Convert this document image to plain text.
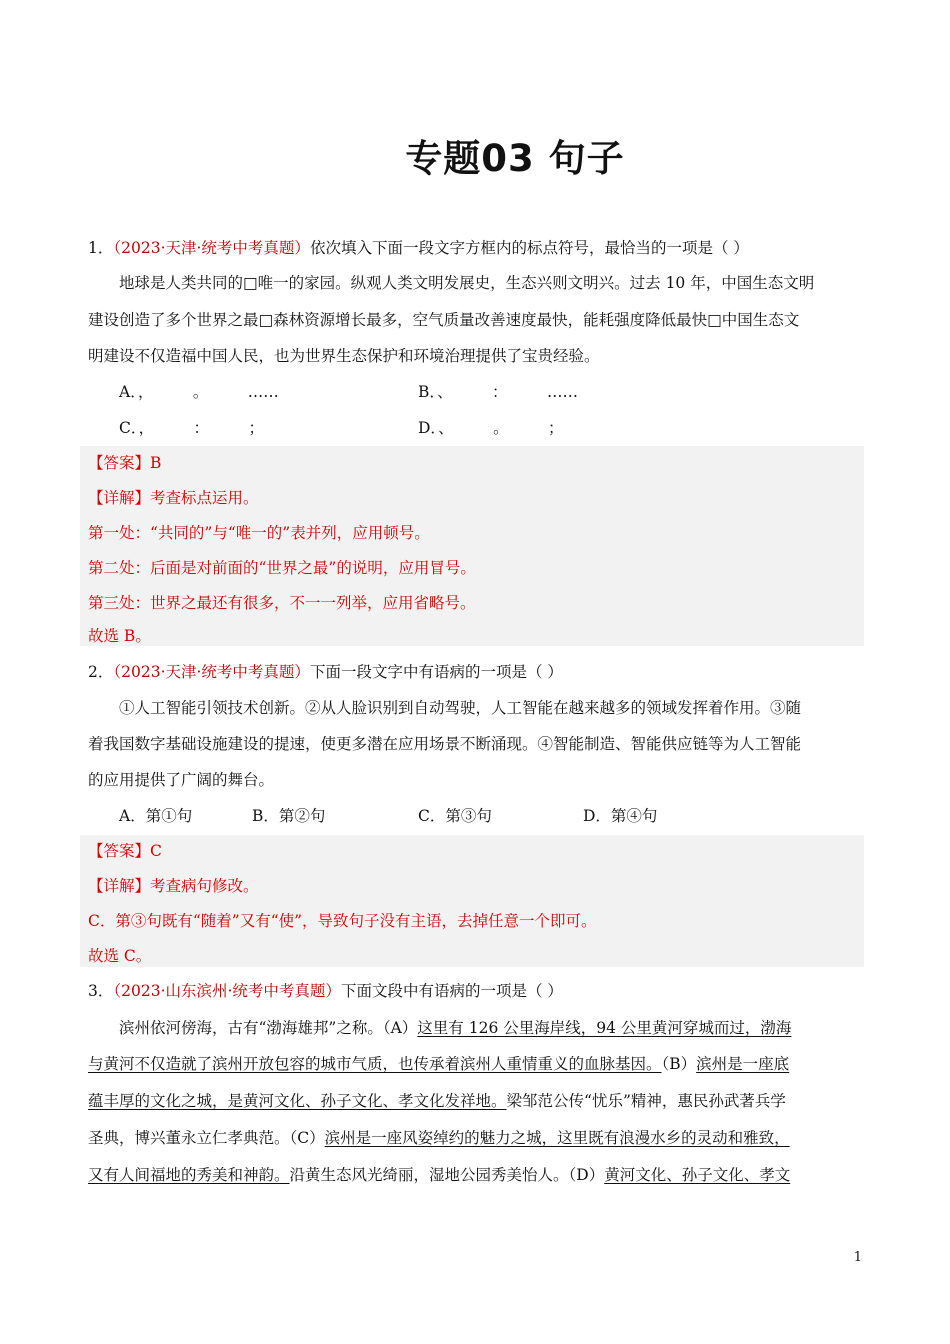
专题03 句子
1．（2023·天津·统考中考真题）依次填入下面一段文字方框内的标点符号，最恰当的一项是（ ）
地球是人类共同的□唯一的家园。纵观人类文明发展史，生态兴则文明兴。过去 10 年，中国生态文明
建设创造了多个世界之最□森林资源增长最多，空气质量改善速度最快，能耗强度降低最快□中国生态文
明建设不仅造福中国人民，也为世界生态保护和环境治理提供了宝贵经验。
A．，        。        ……	B．、        ：        ……
C．，        ：        ；	D．、        。        ；
【答案】B
【详解】考查标点运用。
第一处：“共同的”与“唯一的”表并列，应用顿号。
第二处：后面是对前面的“世界之最”的说明，应用冒号。
第三处：世界之最还有很多，不一一列举，应用省略号。
故选 B。
2．（2023·天津·统考中考真题）下面一段文字中有语病的一项是（ ）
①人工智能引领技术创新。②从人脸识别到自动驾驶，人工智能在越来越多的领域发挥着作用。③随
着我国数字基础设施建设的提速，使更多潜在应用场景不断涌现。④智能制造、智能供应链等为人工智能
的应用提供了广阔的舞台。
A．第①句	B．第②句	C．第③句	D．第④句
【答案】C
【详解】考查病句修改。
C．第③句既有“随着”又有“使”，导致句子没有主语，去掉任意一个即可。
故选 C。
3．（2023·山东滨州·统考中考真题）下面文段中有语病的一项是（ ）
滨州依河傍海，古有“渤海雄邦”之称。（A）这里有 126 公里海岸线，94 公里黄河穿城而过，渤海
与黄河不仅造就了滨州开放包容的城市气质，也传承着滨州人重情重义的血脉基因。（B）滨州是一座底
蕴丰厚的文化之城，是黄河文化、孙子文化、孝文化发祥地。梁邹范公传“忧乐”精神，惠民孙武著兵学
圣典，博兴董永立仁孝典范。（C）滨州是一座风姿绰约的魅力之城，这里既有浪漫水乡的灵动和雅致，
又有人间福地的秀美和神韵。沿黄生态风光绮丽，湿地公园秀美怡人。（D）黄河文化、孙子文化、孝文
1
